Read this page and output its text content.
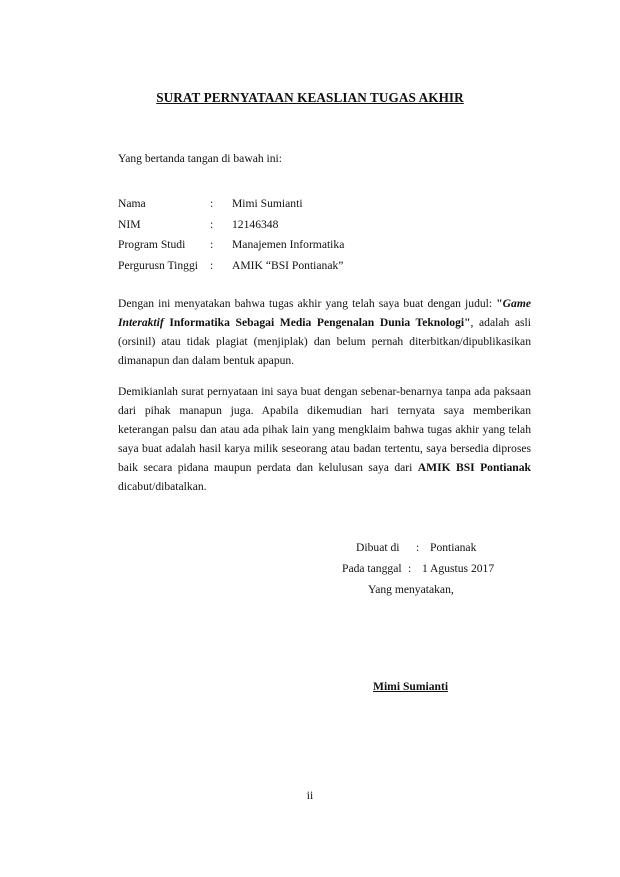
SURAT PERNYATAAN KEASLIAN TUGAS AKHIR
Yang bertanda tangan di bawah ini:
Nama	:	Mimi Sumianti
NIM	:	12146348
Program Studi	:	Manajemen Informatika
Pergurusn Tinggi	:	AMIK “BSI Pontianak”
Dengan ini menyatakan bahwa tugas akhir yang telah saya buat dengan judul: "Game Interaktif Informatika Sebagai Media Pengenalan Dunia Teknologi", adalah asli (orsinil) atau tidak plagiat (menjiplak) dan belum pernah diterbitkan/dipublikasikan dimanapun dan dalam bentuk apapun.
Demikianlah surat pernyataan ini saya buat dengan sebenar-benarnya tanpa ada paksaan dari pihak manapun juga. Apabila dikemudian hari ternyata saya memberikan keterangan palsu dan atau ada pihak lain yang mengklaim bahwa tugas akhir yang telah saya buat adalah hasil karya milik seseorang atau badan tertentu, saya bersedia diproses baik secara pidana maupun perdata dan kelulusan saya dari AMIK BSI Pontianak dicabut/dibatalkan.
Dibuat di	: Pontianak
Pada tanggal : 1 Agustus 2017
Yang menyatakan,
Mimi Sumianti
ii
